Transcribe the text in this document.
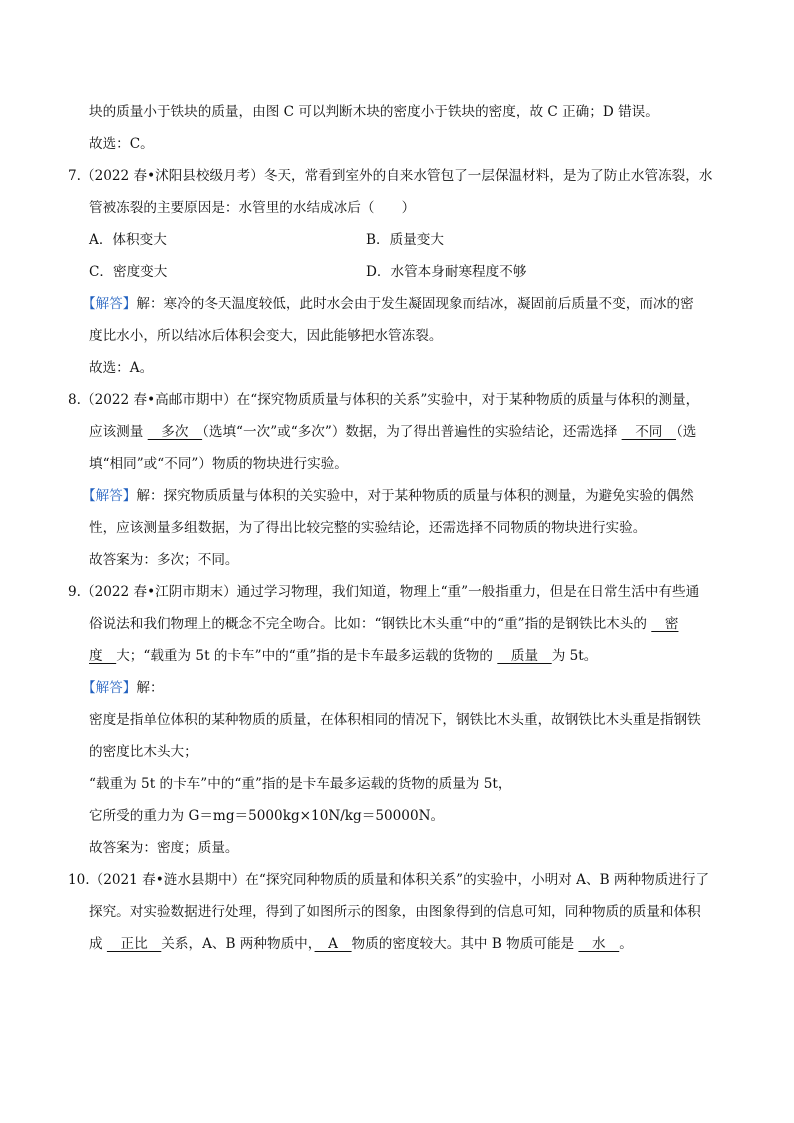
块的质量小于铁块的质量，由图 C 可以判断木块的密度小于铁块的密度，故 C 正确；D 错误。
故选：C。
7.（2022 春•沭阳县校级月考）冬天，常看到室外的自来水管包了一层保温材料，是为了防止水管冻裂，水
管被冻裂的主要原因是：水管里的水结成冰后（　　）
A．体积变大	B．质量变大
C．密度变大	D．水管本身耐寒程度不够
【解答】解：寒冷的冬天温度较低，此时水会由于发生凝固现象而结冰，凝固前后质量不变，而冰的密
度比水小，所以结冰后体积会变大，因此能够把水管冻裂。
故选：A。
8.（2022 春•高邮市期中）在“探究物质质量与体积的关系”实验中，对于某种物质的质量与体积的测量，
应该测量 　多次　（选填“一次”或“多次”）数据，为了得出普遍性的实验结论，还需选择 　不同　（选
填“相同”或“不同”）物质的物块进行实验。
【解答】解：探究物质质量与体积的关实验中，对于某种物质的质量与体积的测量，为避免实验的偶然
性，应该测量多组数据，为了得出比较完整的实验结论，还需选择不同物质的物块进行实验。
故答案为：多次；不同。
9.（2022 春•江阴市期末）通过学习物理，我们知道，物理上“重”一般指重力，但是在日常生活中有些通
俗说法和我们物理上的概念不完全吻合。比如：“钢铁比木头重“中的“重”指的是钢铁比木头的 　密
度　大；“载重为 5t 的卡车”中的“重”指的是卡车最多运载的货物的 　质量　为 5t。
【解答】解：
密度是指单位体积的某种物质的质量，在体积相同的情况下，钢铁比木头重，故钢铁比木头重是指钢铁
的密度比木头大；
“载重为 5t 的卡车”中的“重”指的是卡车最多运载的货物的质量为 5t，
它所受的重力为 G＝mg＝5000kg×10N/kg＝50000N。
故答案为：密度；质量。
10.（2021 春•涟水县期中）在“探究同种物质的质量和体积关系”的实验中，小明对 A、B 两种物质进行了
探究。对实验数据进行处理，得到了如图所示的图象，由图象得到的信息可知，同种物质的质量和体积
成 　正比　关系，A、B 两种物质中，　A　物质的密度较大。其中 B 物质可能是 　水　。
